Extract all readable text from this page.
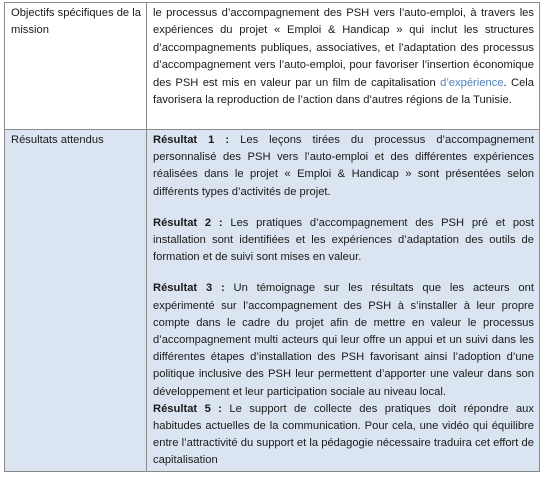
Objectifs spécifiques de la mission	le processus d’accompagnement des PSH vers l’auto-emploi, à travers les expériences du projet « Emploi & Handicap » qui inclut les structures d’accompagnements publiques, associatives, et l’adaptation des processus d’accompagnement vers l’auto-emploi, pour favoriser l’insertion économique des PSH est mis en valeur par un film de capitalisation d’expérience. Cela favorisera la reproduction de l’action dans d’autres régions de la Tunisie.
Résultats attendus	Résultat 1 : Les leçons tirées du processus d’accompagnement personnalisé des PSH vers l’auto-emploi et des différentes expériences réalisées dans le projet « Emploi & Handicap » sont présentées selon différents types d’activités de projet.
Résultat 2 : Les pratiques d’accompagnement des PSH pré et post installation sont identifiées et les expériences d’adaptation des outils de formation et de suivi sont mises en valeur.
Résultat 3 : Un témoignage sur les résultats que les acteurs ont expérimenté sur l’accompagnement des PSH à s’installer à leur propre compte dans le cadre du projet afin de mettre en valeur le processus d’accompagnement multi acteurs qui leur offre un appui et un suivi dans les différentes étapes d’installation des PSH favorisant ainsi l’adoption d’une politique inclusive des PSH leur permettent d’apporter une valeur dans son développement et leur participation sociale au niveau local.
Résultat 5 : Le support de collecte des pratiques doit répondre aux habitudes actuelles de la communication. Pour cela, une vidéo qui équilibre entre l’attractivité du support et la pédagogie nécessaire traduira cet effort de capitalisation
